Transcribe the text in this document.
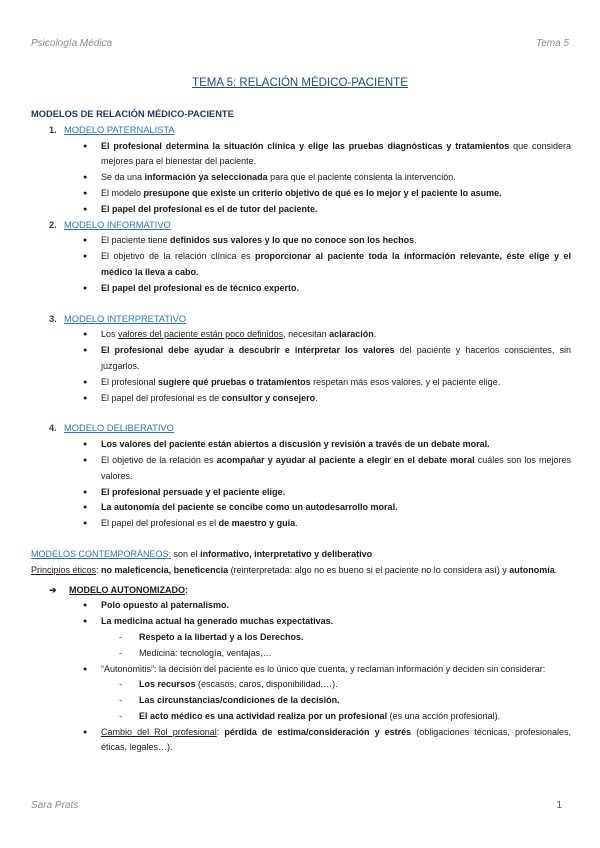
Psicología Médica	Tema 5
TEMA 5: RELACIÓN MÉDICO-PACIENTE
MODELOS DE RELACIÓN MÉDICO-PACIENTE
1. MODELO PATERNALISTA
● El profesional determina la situación clínica y elige las pruebas diagnósticas y tratamientos que considera mejores para el bienestar del paciente.
● Se da una información ya seleccionada para que el paciente consienta la intervención.
● El modelo presupone que existe un criterio objetivo de qué es lo mejor y el paciente lo asume.
● El papel del profesional es el de tutor del paciente.
2. MODELO INFORMATIVO
● El paciente tiene definidos sus valores y lo que no conoce son los hechos.
● El objetivo de la relación clínica es proporcionar al paciente toda la información relevante, éste elige y el médico la lleva a cabo.
● El papel del profesional es de técnico experto.
3. MODELO INTERPRETATIVO
● Los valores del paciente están poco definidos, necesitan aclaración.
● El profesional debe ayudar a descubrir e interpretar los valores del paciente y hacerlos conscientes, sin juzgarlos.
● El profesional sugiere qué pruebas o tratamientos respetan más esos valores, y el paciente elige.
● El papel del profesional es de consultor y consejero.
4. MODELO DELIBERATIVO
● Los valores del paciente están abiertos a discusión y revisión a través de un debate moral.
● El objetivo de la relación es acompañar y ayudar al paciente a elegir en el debate moral cuáles son los mejores valores.
● El profesional persuade y el paciente elige.
● La autonomía del paciente se concibe como un autodesarrollo moral.
● El papel del profesional es el de maestro y guía.
MODELOS CONTEMPORÁNEOS: son el informativo, interpretativo y deliberativo
Principios éticos: no maleficencia, beneficencia (reinterpretada: algo no es bueno si el paciente no lo considera así) y autonomía.
➔ MODELO AUTONOMIZADO:
● Polo opuesto al paternalismo.
● La medicina actual ha generado muchas expectativas.
- Respeto a la libertad y a los Derechos.
- Medicina: tecnología, ventajas,…
● “Autonomitis”: la decisión del paciente es lo único que cuenta, y reclaman información y deciden sin considerar:
- Los recursos (escasos, caros, disponibilidad,…).
- Las circunstancias/condiciones de la decisión.
- El acto médico es una actividad realiza por un profesional (es una acción profesional).
● Cambio del Rol profesional: pérdida de estima/consideración y estrés (obligaciones técnicas, profesionales, éticas, legales…).
Sara Prats	1
